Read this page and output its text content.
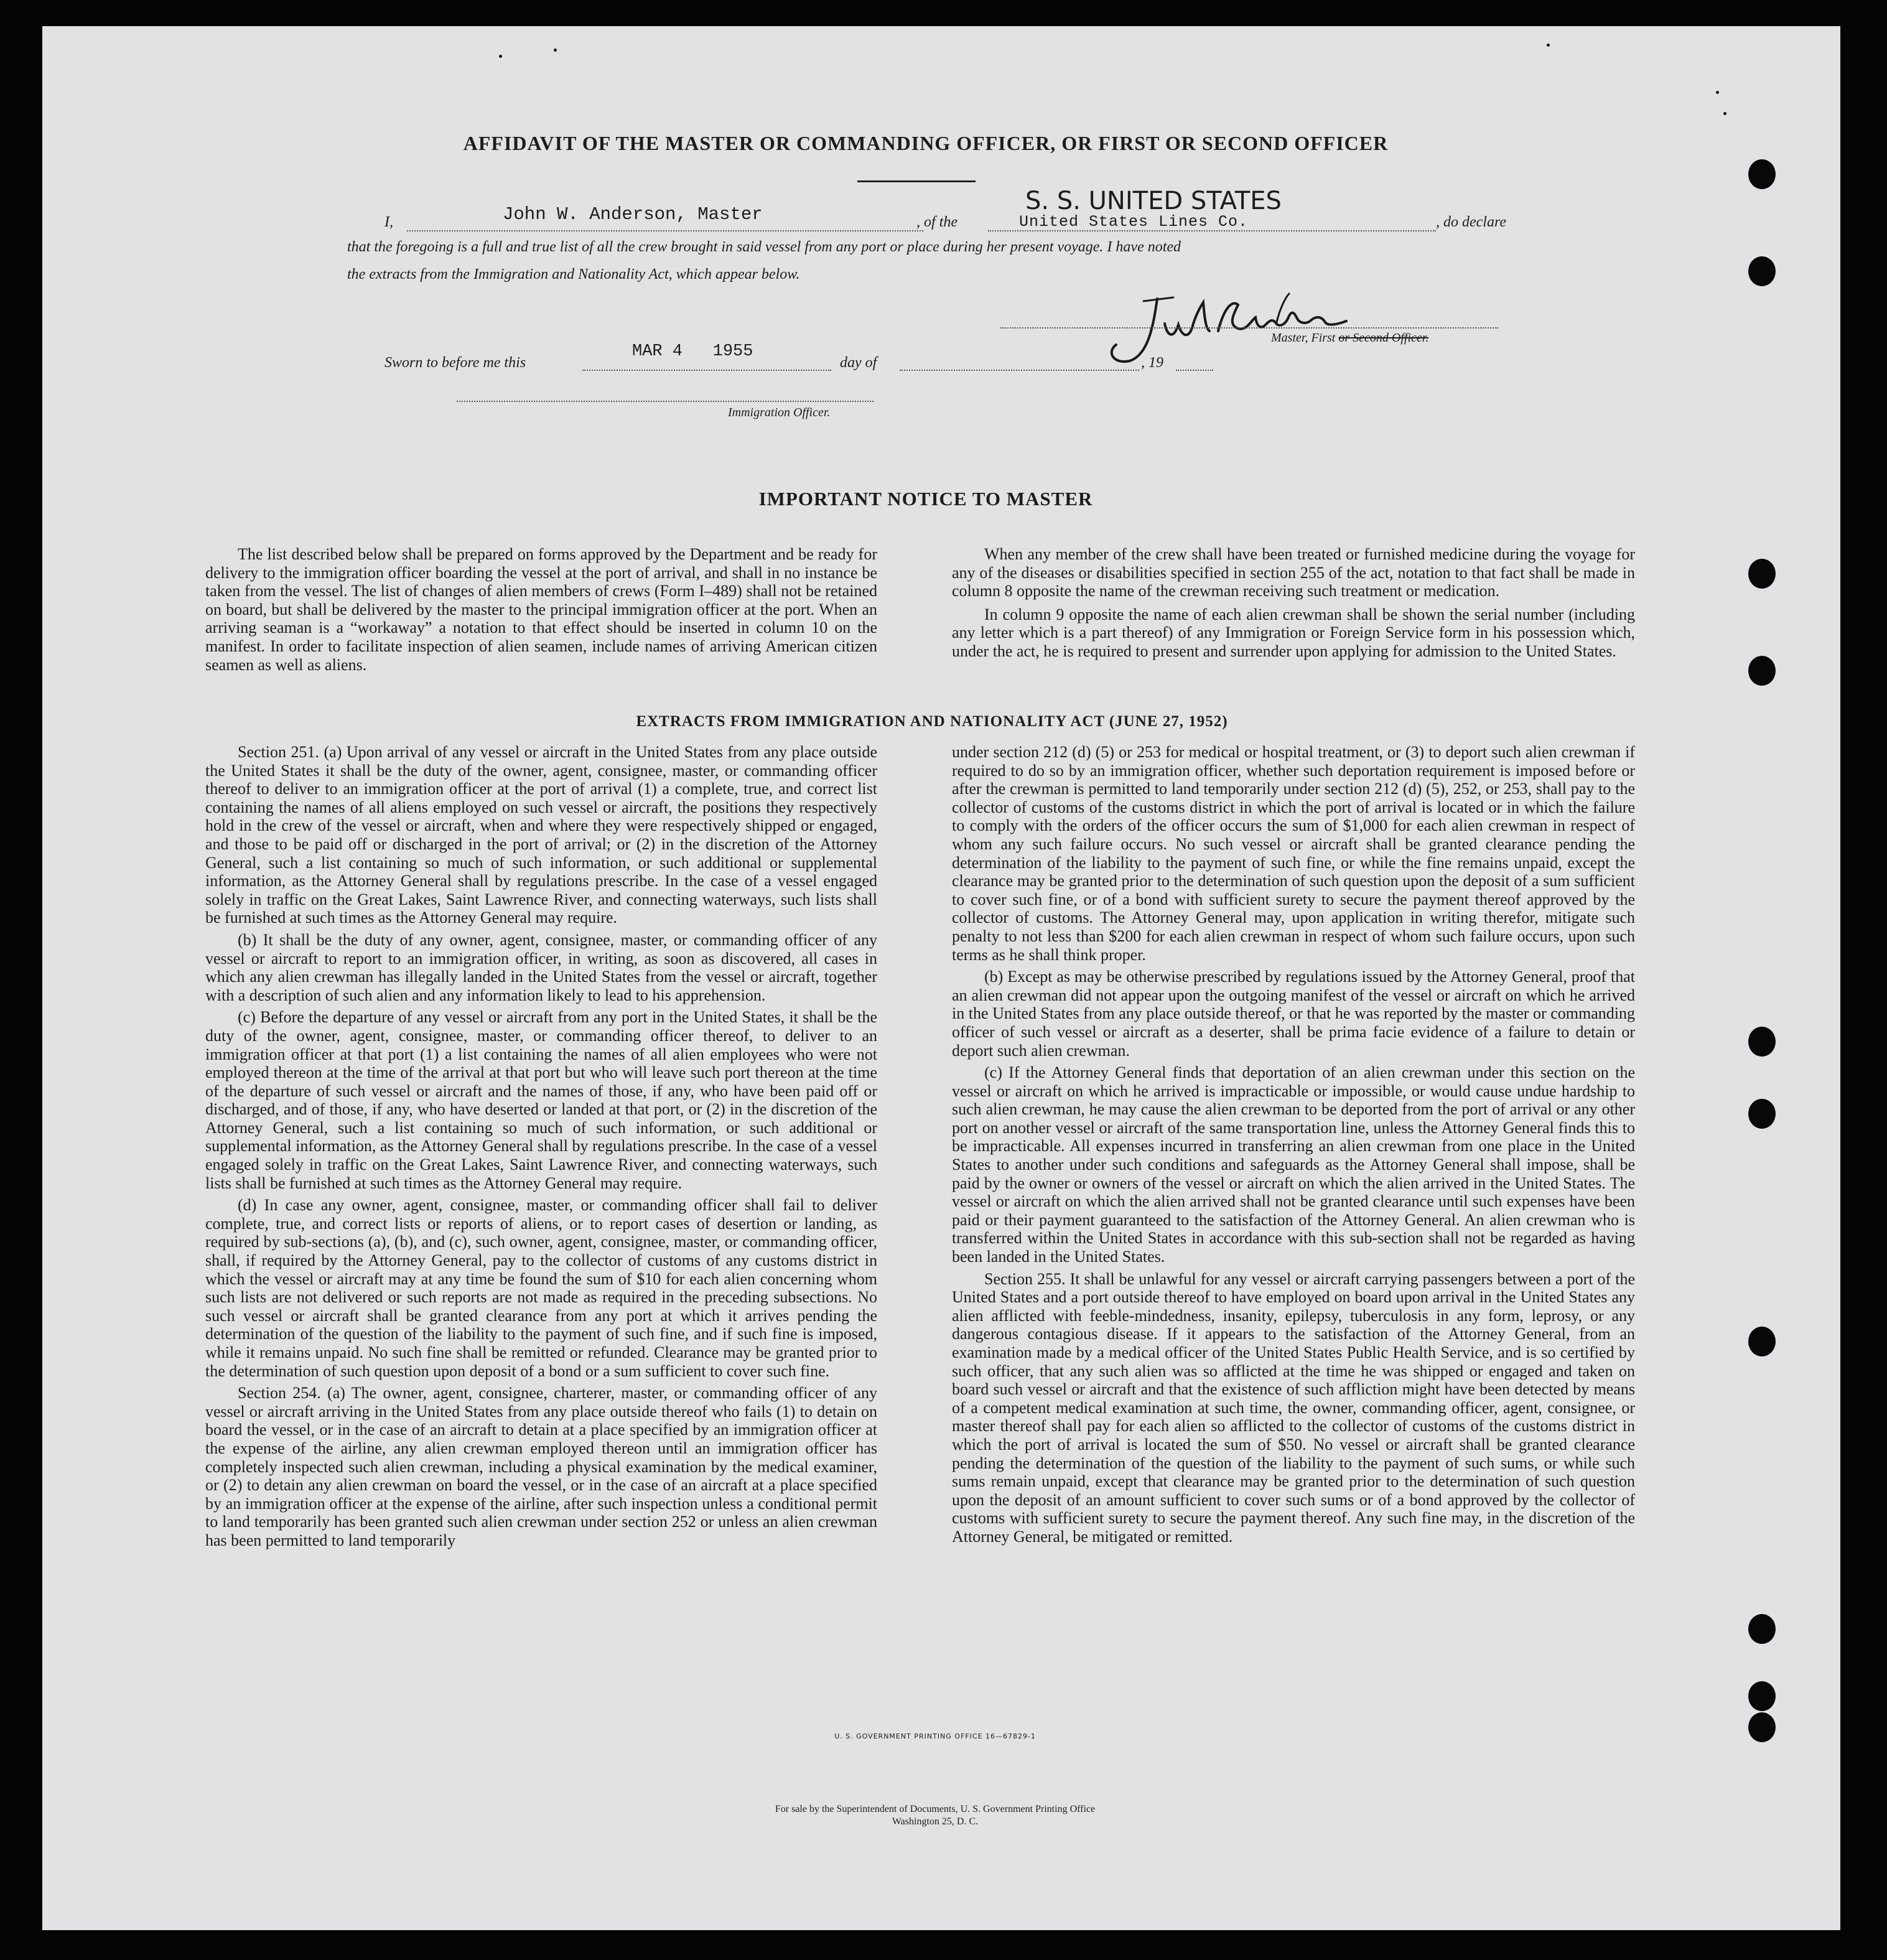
AFFIDAVIT OF THE MASTER OR COMMANDING OFFICER, OR FIRST OR SECOND OFFICER
I,	John W. Anderson, Master	, of the
S. S. UNITED STATES
United States Lines Co.	, do declare
that the foregoing is a full and true list of all the crew brought in said vessel from any port or place during her present voyage. I have noted
the extracts from the Immigration and Nationality Act, which appear below.
Master, First or Second Officer.
Sworn to before me this
MAR 4   1955
day of	, 19
Immigration Officer.
IMPORTANT NOTICE TO MASTER

The list described below shall be prepared on forms approved by the Department and be ready for delivery to the immigration officer boarding the vessel at the port of arrival, and shall in no instance be taken from the vessel. The list of changes of alien members of crews (Form I–489) shall not be retained on board, but shall be delivered by the master to the principal immigration officer at the port. When an arriving seaman is a “workaway” a notation to that effect should be inserted in column 10 on the manifest. In order to facilitate inspection of alien seamen, include names of arriving American citizen seamen as well as aliens.

When any member of the crew shall have been treated or furnished medicine during the voyage for any of the diseases or disabilities specified in section 255 of the act, notation to that fact shall be made in column 8 opposite the name of the crewman receiving such treatment or medication.

In column 9 opposite the name of each alien crewman shall be shown the serial number (including any letter which is a part thereof) of any Immigration or Foreign Service form in his possession which, under the act, he is required to present and surrender upon applying for admission to the United States.

EXTRACTS FROM IMMIGRATION AND NATIONALITY ACT (JUNE 27, 1952)

Section 251. (a) Upon arrival of any vessel or aircraft in the United States from any place outside the United States it shall be the duty of the owner, agent, consignee, master, or commanding officer thereof to deliver to an immigration officer at the port of arrival (1) a complete, true, and correct list containing the names of all aliens employed on such vessel or aircraft, the positions they respectively hold in the crew of the vessel or aircraft, when and where they were respectively shipped or engaged, and those to be paid off or discharged in the port of arrival; or (2) in the discretion of the Attorney General, such a list containing so much of such information, or such additional or supplemental information, as the Attorney General shall by regulations prescribe. In the case of a vessel engaged solely in traffic on the Great Lakes, Saint Lawrence River, and connecting waterways, such lists shall be furnished at such times as the Attorney General may require.

(b) It shall be the duty of any owner, agent, consignee, master, or commanding officer of any vessel or aircraft to report to an immigration officer, in writing, as soon as discovered, all cases in which any alien crewman has illegally landed in the United States from the vessel or aircraft, together with a description of such alien and any information likely to lead to his apprehension.

(c) Before the departure of any vessel or aircraft from any port in the United States, it shall be the duty of the owner, agent, consignee, master, or commanding officer thereof, to deliver to an immigration officer at that port (1) a list containing the names of all alien employees who were not employed thereon at the time of the arrival at that port but who will leave such port thereon at the time of the departure of such vessel or aircraft and the names of those, if any, who have been paid off or discharged, and of those, if any, who have deserted or landed at that port, or (2) in the discretion of the Attorney General, such a list containing so much of such information, or such additional or supplemental information, as the Attorney General shall by regulations prescribe. In the case of a vessel engaged solely in traffic on the Great Lakes, Saint Lawrence River, and connecting waterways, such lists shall be furnished at such times as the Attorney General may require.

(d) In case any owner, agent, consignee, master, or commanding officer shall fail to deliver complete, true, and correct lists or reports of aliens, or to report cases of desertion or landing, as required by sub-sections (a), (b), and (c), such owner, agent, consignee, master, or commanding officer, shall, if required by the Attorney General, pay to the collector of customs of any customs district in which the vessel or aircraft may at any time be found the sum of $10 for each alien concerning whom such lists are not delivered or such reports are not made as required in the preceding subsections. No such vessel or aircraft shall be granted clearance from any port at which it arrives pending the determination of the question of the liability to the payment of such fine, and if such fine is imposed, while it remains unpaid. No such fine shall be remitted or refunded. Clearance may be granted prior to the determination of such question upon deposit of a bond or a sum sufficient to cover such fine.

Section 254. (a) The owner, agent, consignee, charterer, master, or commanding officer of any vessel or aircraft arriving in the United States from any place outside thereof who fails (1) to detain on board the vessel, or in the case of an aircraft to detain at a place specified by an immigration officer at the expense of the airline, any alien crewman employed thereon until an immigration officer has completely inspected such alien crewman, including a physical examination by the medical examiner, or (2) to detain any alien crewman on board the vessel, or in the case of an aircraft at a place specified by an immigration officer at the expense of the airline, after such inspection unless a conditional permit to land temporarily has been granted such alien crewman under section 252 or unless an alien crewman has been permitted to land temporarily

under section 212 (d) (5) or 253 for medical or hospital treatment, or (3) to deport such alien crewman if required to do so by an immigration officer, whether such deportation requirement is imposed before or after the crewman is permitted to land temporarily under section 212 (d) (5), 252, or 253, shall pay to the collector of customs of the customs district in which the port of arrival is located or in which the failure to comply with the orders of the officer occurs the sum of $1,000 for each alien crewman in respect of whom any such failure occurs. No such vessel or aircraft shall be granted clearance pending the determination of the liability to the payment of such fine, or while the fine remains unpaid, except the clearance may be granted prior to the determination of such question upon the deposit of a sum sufficient to cover such fine, or of a bond with sufficient surety to secure the payment thereof approved by the collector of customs. The Attorney General may, upon application in writing therefor, mitigate such penalty to not less than $200 for each alien crewman in respect of whom such failure occurs, upon such terms as he shall think proper.

(b) Except as may be otherwise prescribed by regulations issued by the Attorney General, proof that an alien crewman did not appear upon the outgoing manifest of the vessel or aircraft on which he arrived in the United States from any place outside thereof, or that he was reported by the master or commanding officer of such vessel or aircraft as a deserter, shall be prima facie evidence of a failure to detain or deport such alien crewman.

(c) If the Attorney General finds that deportation of an alien crewman under this section on the vessel or aircraft on which he arrived is impracticable or impossible, or would cause undue hardship to such alien crewman, he may cause the alien crewman to be deported from the port of arrival or any other port on another vessel or aircraft of the same transportation line, unless the Attorney General finds this to be impracticable. All expenses incurred in transferring an alien crewman from one place in the United States to another under such conditions and safeguards as the Attorney General shall impose, shall be paid by the owner or owners of the vessel or aircraft on which the alien arrived in the United States. The vessel or aircraft on which the alien arrived shall not be granted clearance until such expenses have been paid or their payment guaranteed to the satisfaction of the Attorney General. An alien crewman who is transferred within the United States in accordance with this sub-section shall not be regarded as having been landed in the United States.

Section 255. It shall be unlawful for any vessel or aircraft carrying passengers between a port of the United States and a port outside thereof to have employed on board upon arrival in the United States any alien afflicted with feeble-mindedness, insanity, epilepsy, tuberculosis in any form, leprosy, or any dangerous contagious disease. If it appears to the satisfaction of the Attorney General, from an examination made by a medical officer of the United States Public Health Service, and is so certified by such officer, that any such alien was so afflicted at the time he was shipped or engaged and taken on board such vessel or aircraft and that the existence of such affliction might have been detected by means of a competent medical examination at such time, the owner, commanding officer, agent, consignee, or master thereof shall pay for each alien so afflicted to the collector of customs of the customs district in which the port of arrival is located the sum of $50. No vessel or aircraft shall be granted clearance pending the determination of the question of the liability to the payment of such sums, or while such sums remain unpaid, except that clearance may be granted prior to the determination of such question upon the deposit of an amount sufficient to cover such sums or of a bond approved by the collector of customs with sufficient surety to secure the payment thereof. Any such fine may, in the discretion of the Attorney General, be mitigated or remitted.

U. S. GOVERNMENT PRINTING OFFICE 16—67829-1
For sale by the Superintendent of Documents, U. S. Government Printing Office
Washington 25, D. C.
